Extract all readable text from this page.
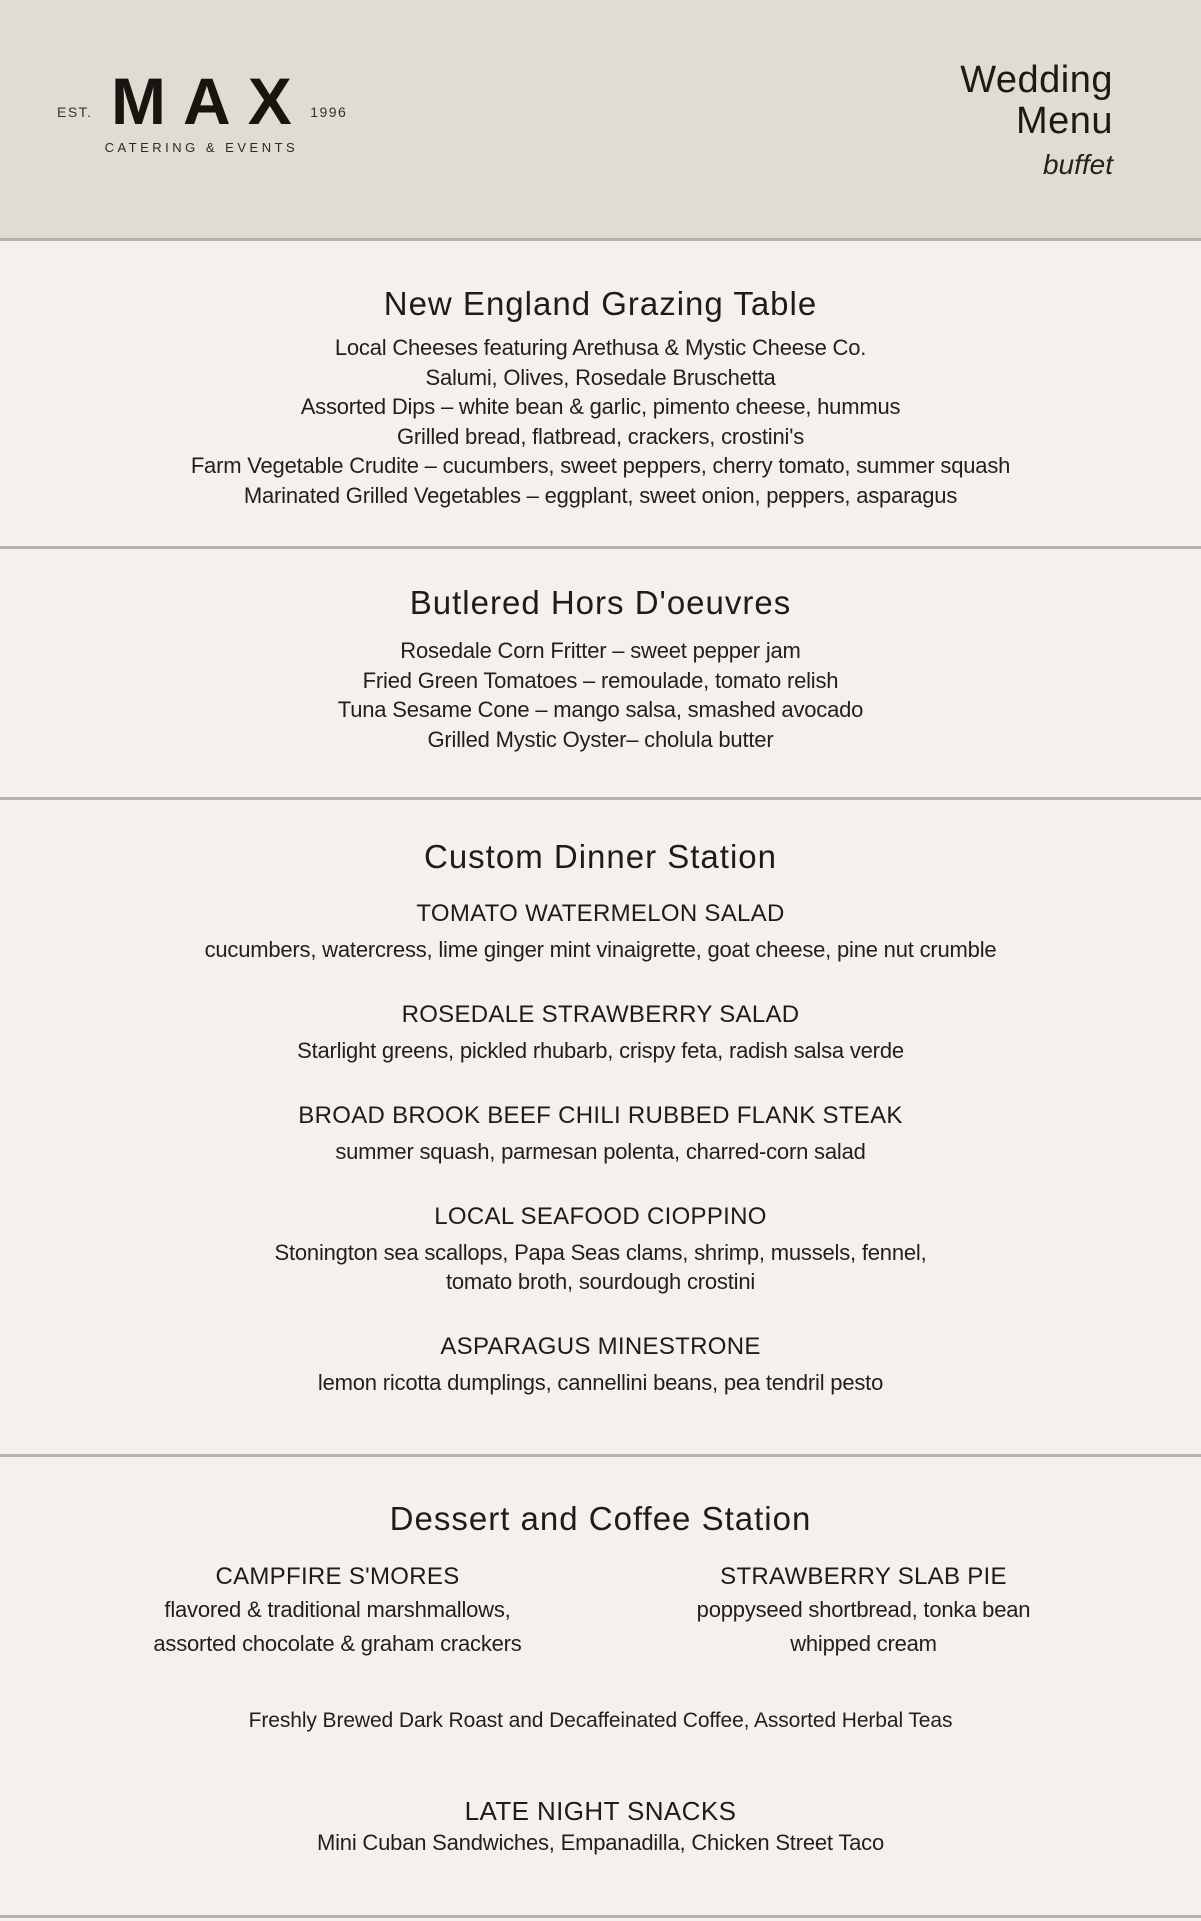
EST. MAX
CATERING & EVENTS
1996
Wedding
Menu
buffet
New England Grazing Table

Local Cheeses featuring Arethusa & Mystic Cheese Co.

Salumi, Olives, Rosedale Bruschetta

Assorted Dips – white bean & garlic, pimento cheese, hummus

Grilled bread, flatbread, crackers, crostini's

Farm Vegetable Crudite – cucumbers, sweet peppers, cherry tomato, summer squash

Marinated Grilled Vegetables – eggplant, sweet onion, peppers, asparagus

Butlered Hors D'oeuvres

Rosedale Corn Fritter – sweet pepper jam

Fried Green Tomatoes – remoulade, tomato relish

Tuna Sesame Cone – mango salsa, smashed avocado

Grilled Mystic Oyster– cholula butter

Custom Dinner Station

TOMATO WATERMELON SALAD

cucumbers, watercress, lime ginger mint vinaigrette, goat cheese, pine nut crumble

ROSEDALE STRAWBERRY SALAD

Starlight greens, pickled rhubarb, crispy feta, radish salsa verde

BROAD BROOK BEEF CHILI RUBBED FLANK STEAK

summer squash, parmesan polenta, charred-corn salad

LOCAL SEAFOOD CIOPPINO

Stonington sea scallops, Papa Seas clams, shrimp, mussels, fennel,

tomato broth, sourdough crostini

ASPARAGUS MINESTRONE

lemon ricotta dumplings, cannellini beans, pea tendril pesto

Dessert and Coffee Station

CAMPFIRE S'MORES

flavored & traditional marshmallows,

assorted chocolate & graham crackers

STRAWBERRY SLAB PIE

poppyseed shortbread, tonka bean

whipped cream

Freshly Brewed Dark Roast and Decaffeinated Coffee, Assorted Herbal Teas

LATE NIGHT SNACKS

Mini Cuban Sandwiches, Empanadilla, Chicken Street Taco
